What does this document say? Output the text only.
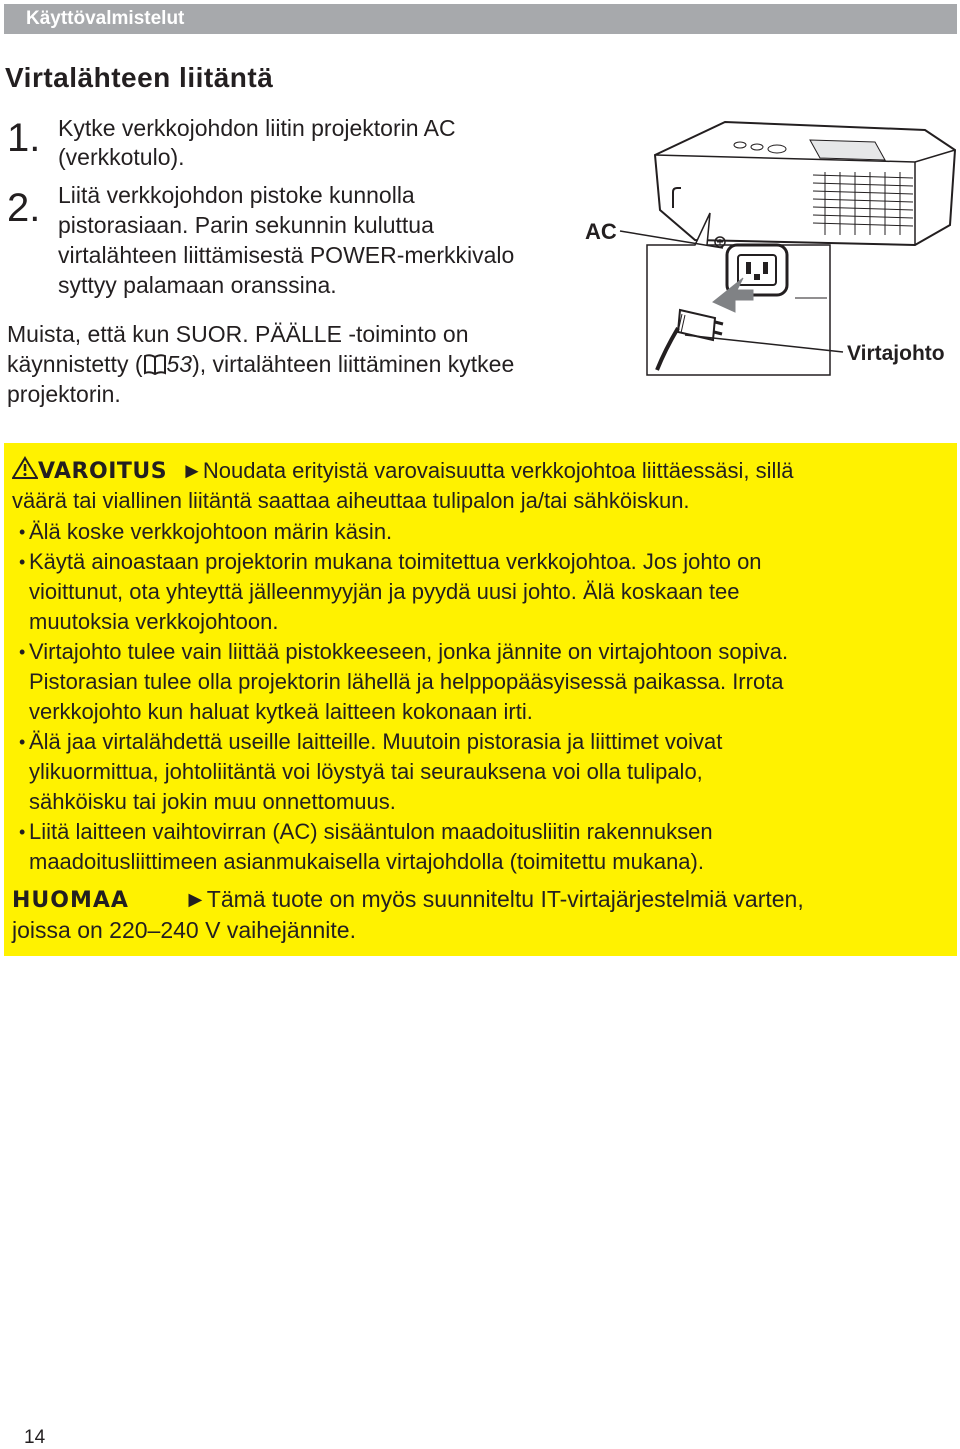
Käyttövalmistelut
Virtalähteen liitäntä
1. Kytke verkkojohdon liitin projektorin AC
(verkkotulo).
2. Liitä verkkojohdon pistoke kunnolla
pistorasiaan. Parin sekunnin kuluttua
virtalähteen liittämisestä POWER-merkkivalo
syttyy palamaan oranssina.
Muista, että kun SUOR. PÄÄLLE -toiminto on
käynnistetty ( 53), virtalähteen liittäminen kytkee
projektorin.
AC
Virtajohto
VAROITUS ►Noudata erityistä varovaisuutta verkkojohtoa liittäessäsi, sillä
väärä tai viallinen liitäntä saattaa aiheuttaa tulipalon ja/tai sähköiskun.
• Älä koske verkkojohtoon märin käsin.
• Käytä ainoastaan projektorin mukana toimitettua verkkojohtoa. Jos johto on
vioittunut, ota yhteyttä jälleenmyyjän ja pyydä uusi johto. Älä koskaan tee
muutoksia verkkojohtoon.
• Virtajohto tulee vain liittää pistokkeeseen, jonka jännite on virtajohtoon sopiva.
Pistorasian tulee olla projektorin lähellä ja helppopääsyisessä paikassa. Irrota
verkkojohto kun haluat kytkeä laitteen kokonaan irti.
• Älä jaa virtalähdettä useille laitteille. Muutoin pistorasia ja liittimet voivat
ylikuormittua, johtoliitäntä voi löystyä tai seurauksena voi olla tulipalo,
sähköisku tai jokin muu onnettomuus.
• Liitä laitteen vaihtovirran (AC) sisääntulon maadoitusliitin rakennuksen
maadoitusliittimeen asianmukaisella virtajohdolla (toimitettu mukana).
HUOMAA ►Tämä tuote on myös suunniteltu IT-virtajärjestelmiä varten,
joissa on 220–240 V vaihejännite.
14
